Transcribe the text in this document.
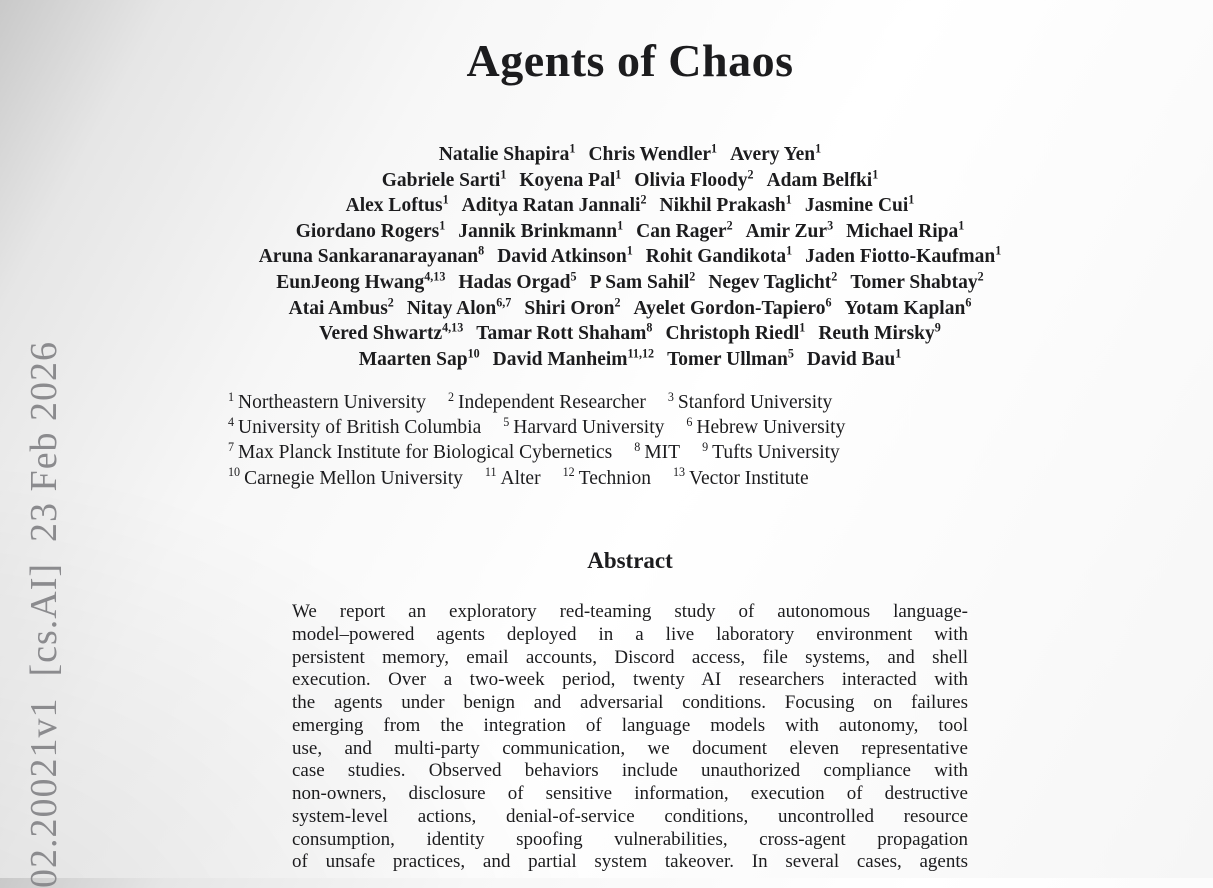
02.20021v1  [cs.AI]  23 Feb 2026
Agents of Chaos
Natalie Shapira$^1$ Chris Wendler$^1$ Avery Yen$^1$
Gabriele Sarti$^1$ Koyena Pal$^1$ Olivia Floody$^2$ Adam Belfki$^1$
Alex Loftus$^1$ Aditya Ratan Jannali$^2$ Nikhil Prakash$^1$ Jasmine Cui$^1$
Giordano Rogers$^1$ Jannik Brinkmann$^1$ Can Rager$^2$ Amir Zur$^3$ Michael Ripa$^1$
Aruna Sankaranarayanan$^8$ David Atkinson$^1$ Rohit Gandikota$^1$ Jaden Fiotto-Kaufman$^1$
EunJeong Hwang$^{4,13}$ Hadas Orgad$^5$ P Sam Sahil$^2$ Negev Taglicht$^2$ Tomer Shabtay$^2$
Atai Ambus$^2$ Nitay Alon$^{6,7}$ Shiri Oron$^2$ Ayelet Gordon-Tapiero$^6$ Yotam Kaplan$^6$
Vered Shwartz$^{4,13}$ Tamar Rott Shaham$^8$ Christoph Riedl$^1$ Reuth Mirsky$^9$
Maarten Sap$^{10}$ David Manheim$^{11,12}$ Tomer Ullman$^5$ David Bau$^1$
$^1$ Northeastern University $^2$ Independent Researcher $^3$ Stanford University
$^4$ University of British Columbia $^5$ Harvard University $^6$ Hebrew University
$^7$ Max Planck Institute for Biological Cybernetics $^8$ MIT $^9$ Tufts University
$^{10}$ Carnegie Mellon University $^{11}$ Alter $^{12}$ Technion $^{13}$ Vector Institute
Abstract
We report an exploratory red-teaming study of autonomous language-
model–powered agents deployed in a live laboratory environment with
persistent memory, email accounts, Discord access, file systems, and shell
execution. Over a two-week period, twenty AI researchers interacted with
the agents under benign and adversarial conditions. Focusing on failures
emerging from the integration of language models with autonomy, tool
use, and multi-party communication, we document eleven representative
case studies. Observed behaviors include unauthorized compliance with
non-owners, disclosure of sensitive information, execution of destructive
system-level actions, denial-of-service conditions, uncontrolled resource
consumption, identity spoofing vulnerabilities, cross-agent propagation
of unsafe practices, and partial system takeover. In several cases, agents
